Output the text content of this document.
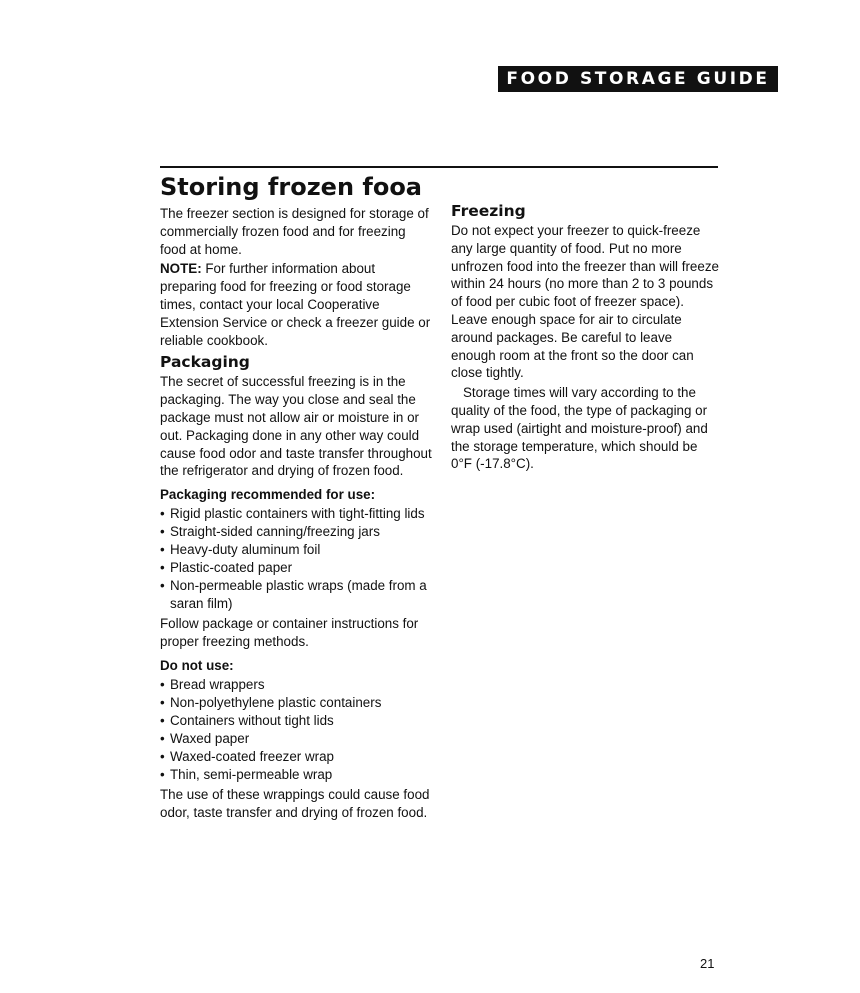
FOOD STORAGE GUIDE
Storing frozen fooa

The freezer section is designed for storage of commercially frozen food and for freezing food at home.

NOTE: For further information about preparing food for freezing or food storage times, contact your local Cooperative Extension Service or check a freezer guide or reliable cookbook.

Packaging

The secret of successful freezing is in the packaging. The way you close and seal the package must not allow air or moisture in or out. Packaging done in any other way could cause food odor and taste transfer throughout the refrigerator and drying of frozen food.

Packaging recommended for use:
• Rigid plastic containers with tight-fitting lids
• Straight-sided canning/freezing jars
• Heavy-duty aluminum foil
• Plastic-coated paper
• Non-permeable plastic wraps (made from a saran film)

Follow package or container instructions for proper freezing methods.

Do not use:
• Bread wrappers
• Non-polyethylene plastic containers
• Containers without tight lids
• Waxed paper
• Waxed-coated freezer wrap
• Thin, semi-permeable wrap

The use of these wrappings could cause food odor, taste transfer and drying of frozen food.

Freezing

Do not expect your freezer to quick-freeze any large quantity of food. Put no more unfrozen food into the freezer than will freeze within 24 hours (no more than 2 to 3 pounds of food per cubic foot of freezer space). Leave enough space for air to circulate around packages. Be careful to leave enough room at the front so the door can close tightly.

Storage times will vary according to the quality of the food, the type of packaging or wrap used (airtight and moisture-proof) and the storage temperature, which should be 0°F (-17.8°C).

21
